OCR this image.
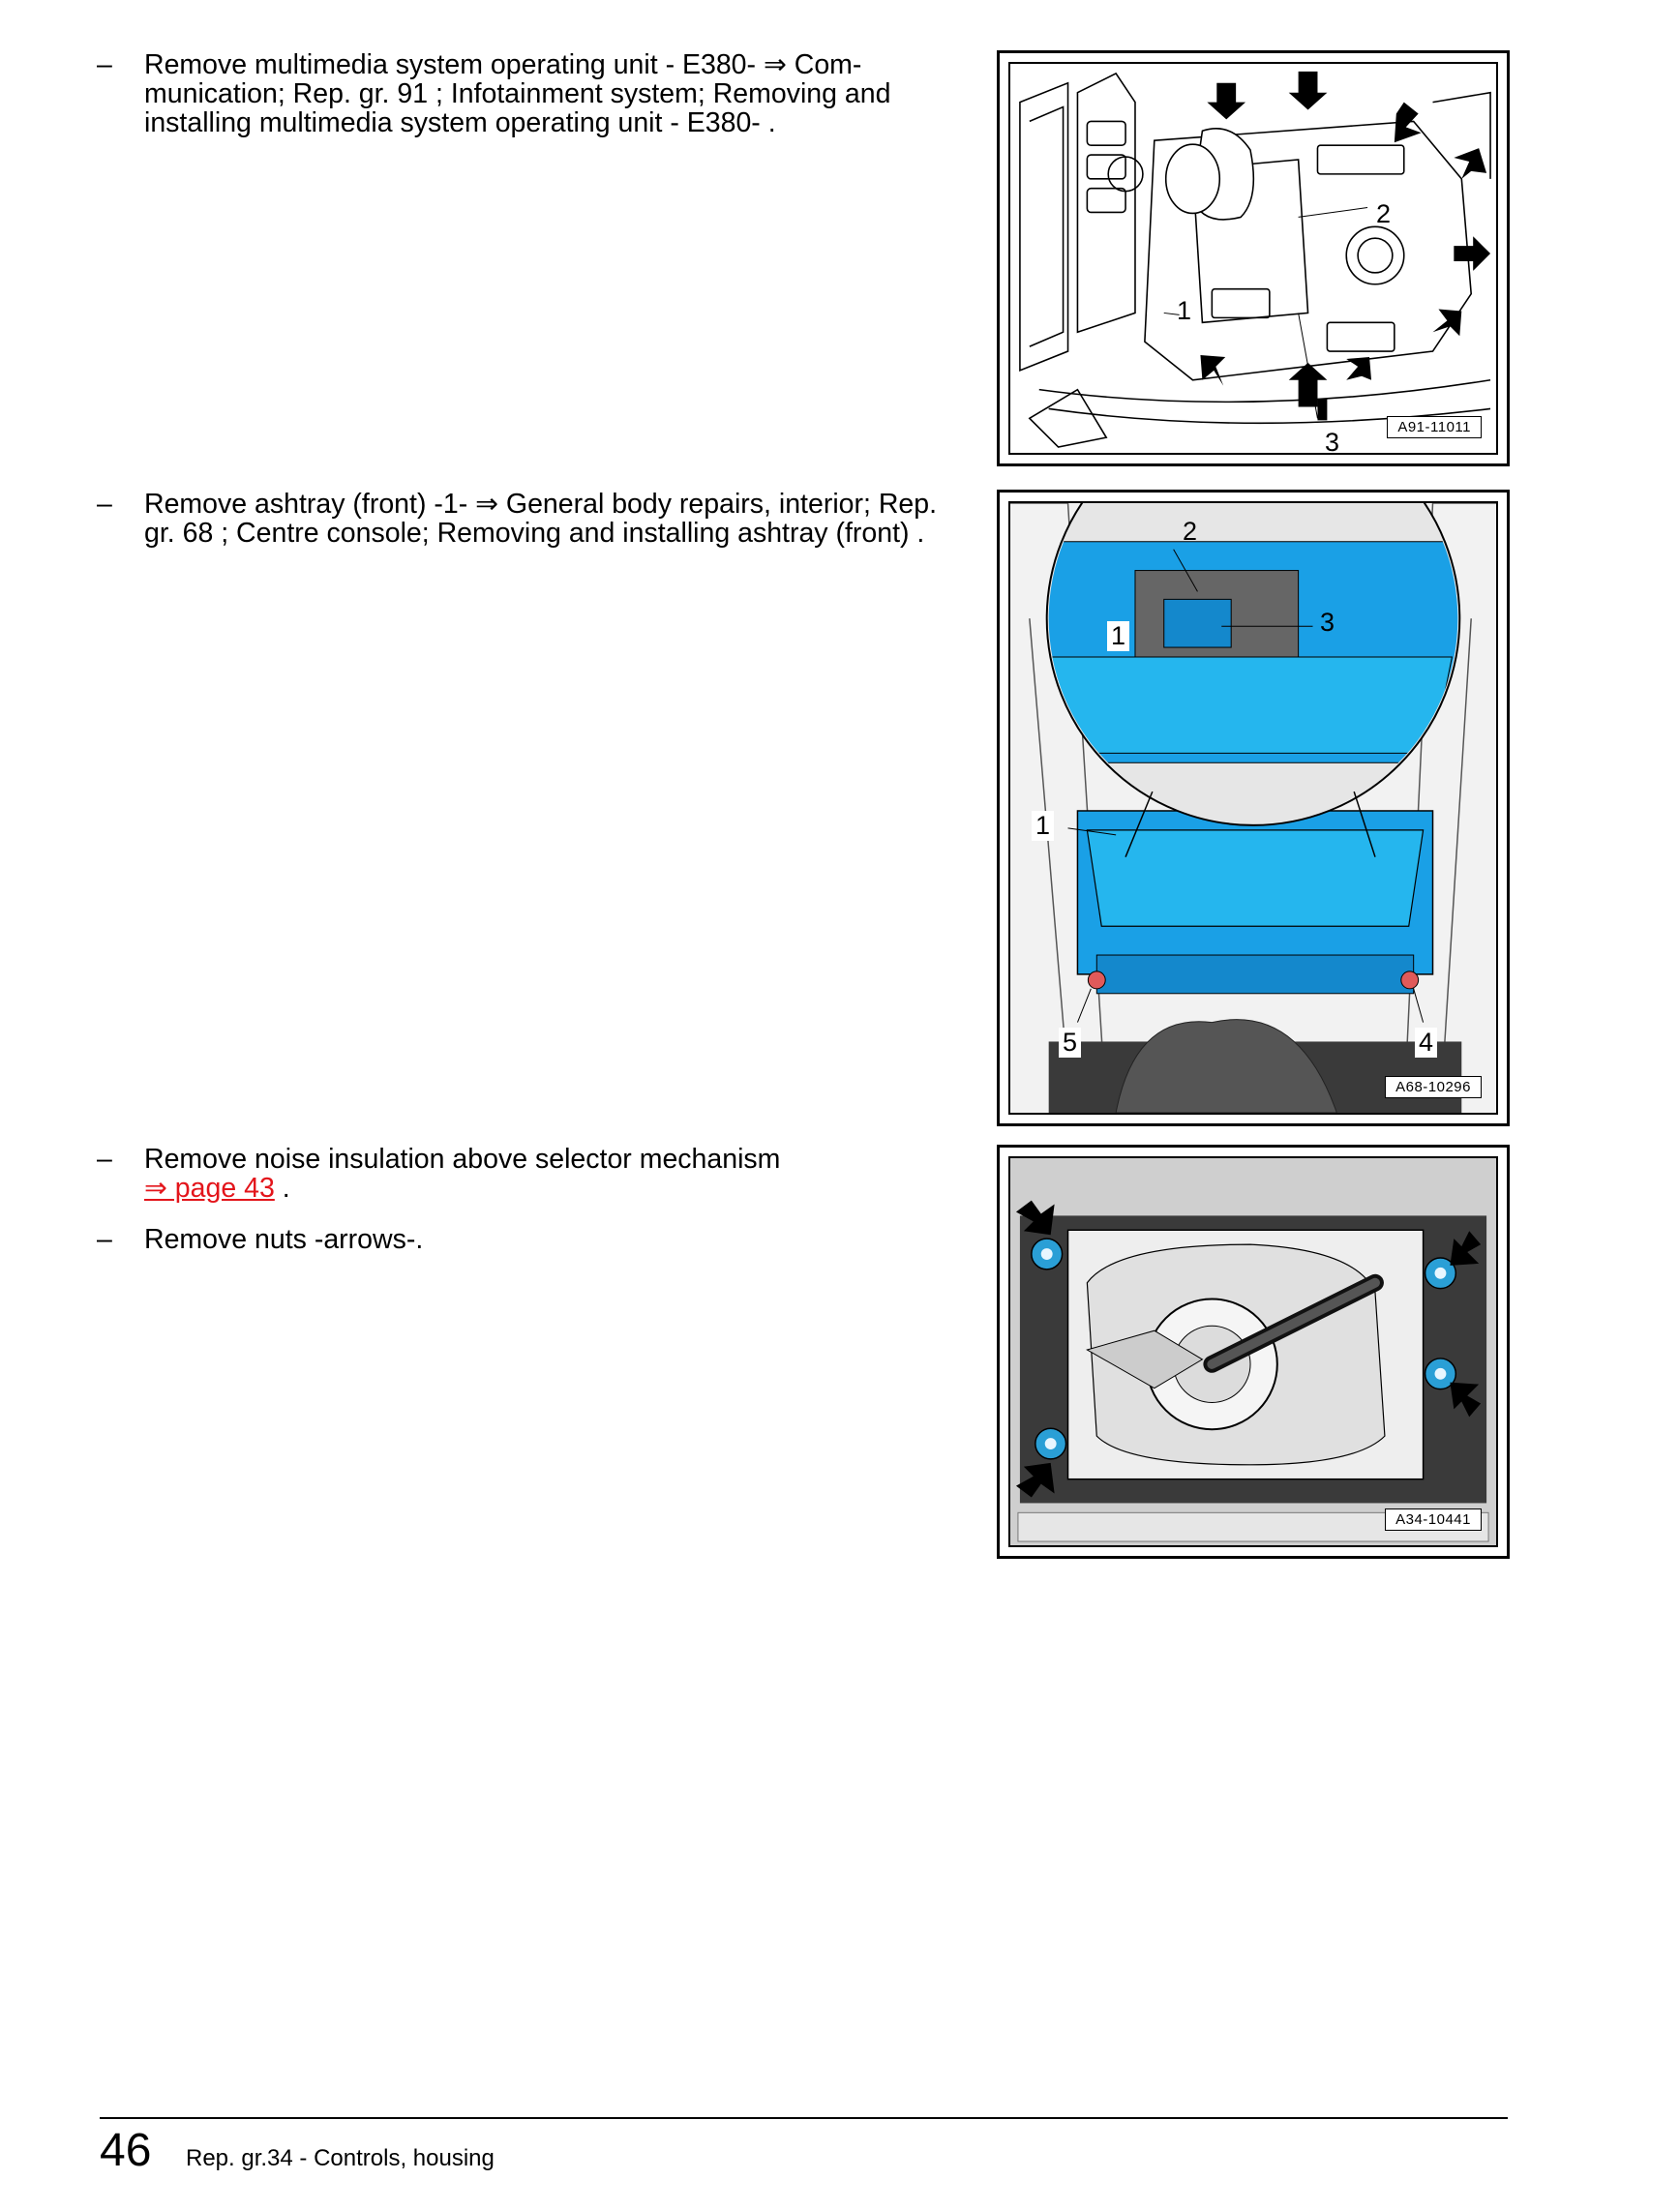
–	Remove multimedia system operating unit - E380- ⇒ Com-munication; Rep. gr. 91 ; Infotainment system; Removing and installing multimedia system operating unit - E380- .
–	Remove ashtray (front) -1- ⇒ General body repairs, interior; Rep. gr. 68 ; Centre console; Removing and installing ashtray (front) .
–	Remove noise insulation above selector mechanism
⇒ page 43 .
–	Remove nuts -arrows-.
1
2
3
A91-11011
1
2
3
1
5	4
A68-10296
A34-10441
46 Rep. gr.34 - Controls, housing
